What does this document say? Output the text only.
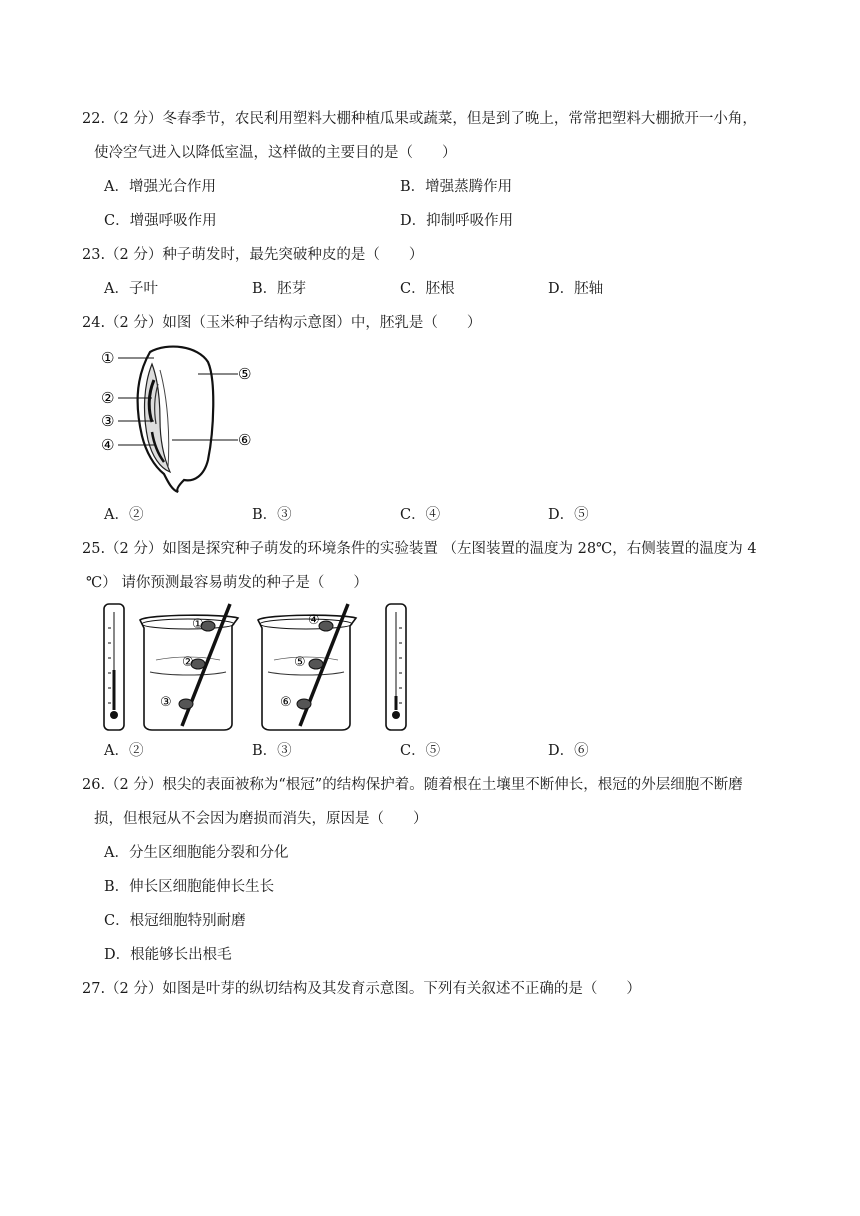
22.（2 分）冬春季节，农民利用塑料大棚种植瓜果或蔬菜，但是到了晚上，常常把塑料大棚掀开一小角，
使冷空气进入以降低室温，这样做的主要目的是（　　）
A．增强光合作用	B．增强蒸腾作用
C．增强呼吸作用	D．抑制呼吸作用
23.（2 分）种子萌发时，最先突破种皮的是（　　）
A．子叶	B．胚芽	C．胚根	D．胚轴
24.（2 分）如图（玉米种子结构示意图）中，胚乳是（　　）
①
②
③
④
⑤
⑥
A．②	B．③	C．④	D．⑤
25.（2 分）如图是探究种子萌发的环境条件的实验装置 （左图装置的温度为 28℃，右侧装置的温度为 4
℃） 请你预测最容易萌发的种子是（　　）
①
②
③
④
⑤
⑥
A．②	B．③	C．⑤	D．⑥
26.（2 分）根尖的表面被称为“根冠”的结构保护着。随着根在土壤里不断伸长，根冠的外层细胞不断磨
损，但根冠从不会因为磨损而消失，原因是（　　）
A．分生区细胞能分裂和分化
B．伸长区细胞能伸长生长
C．根冠细胞特别耐磨
D．根能够长出根毛
27.（2 分）如图是叶芽的纵切结构及其发育示意图。下列有关叙述不正确的是（　　）
